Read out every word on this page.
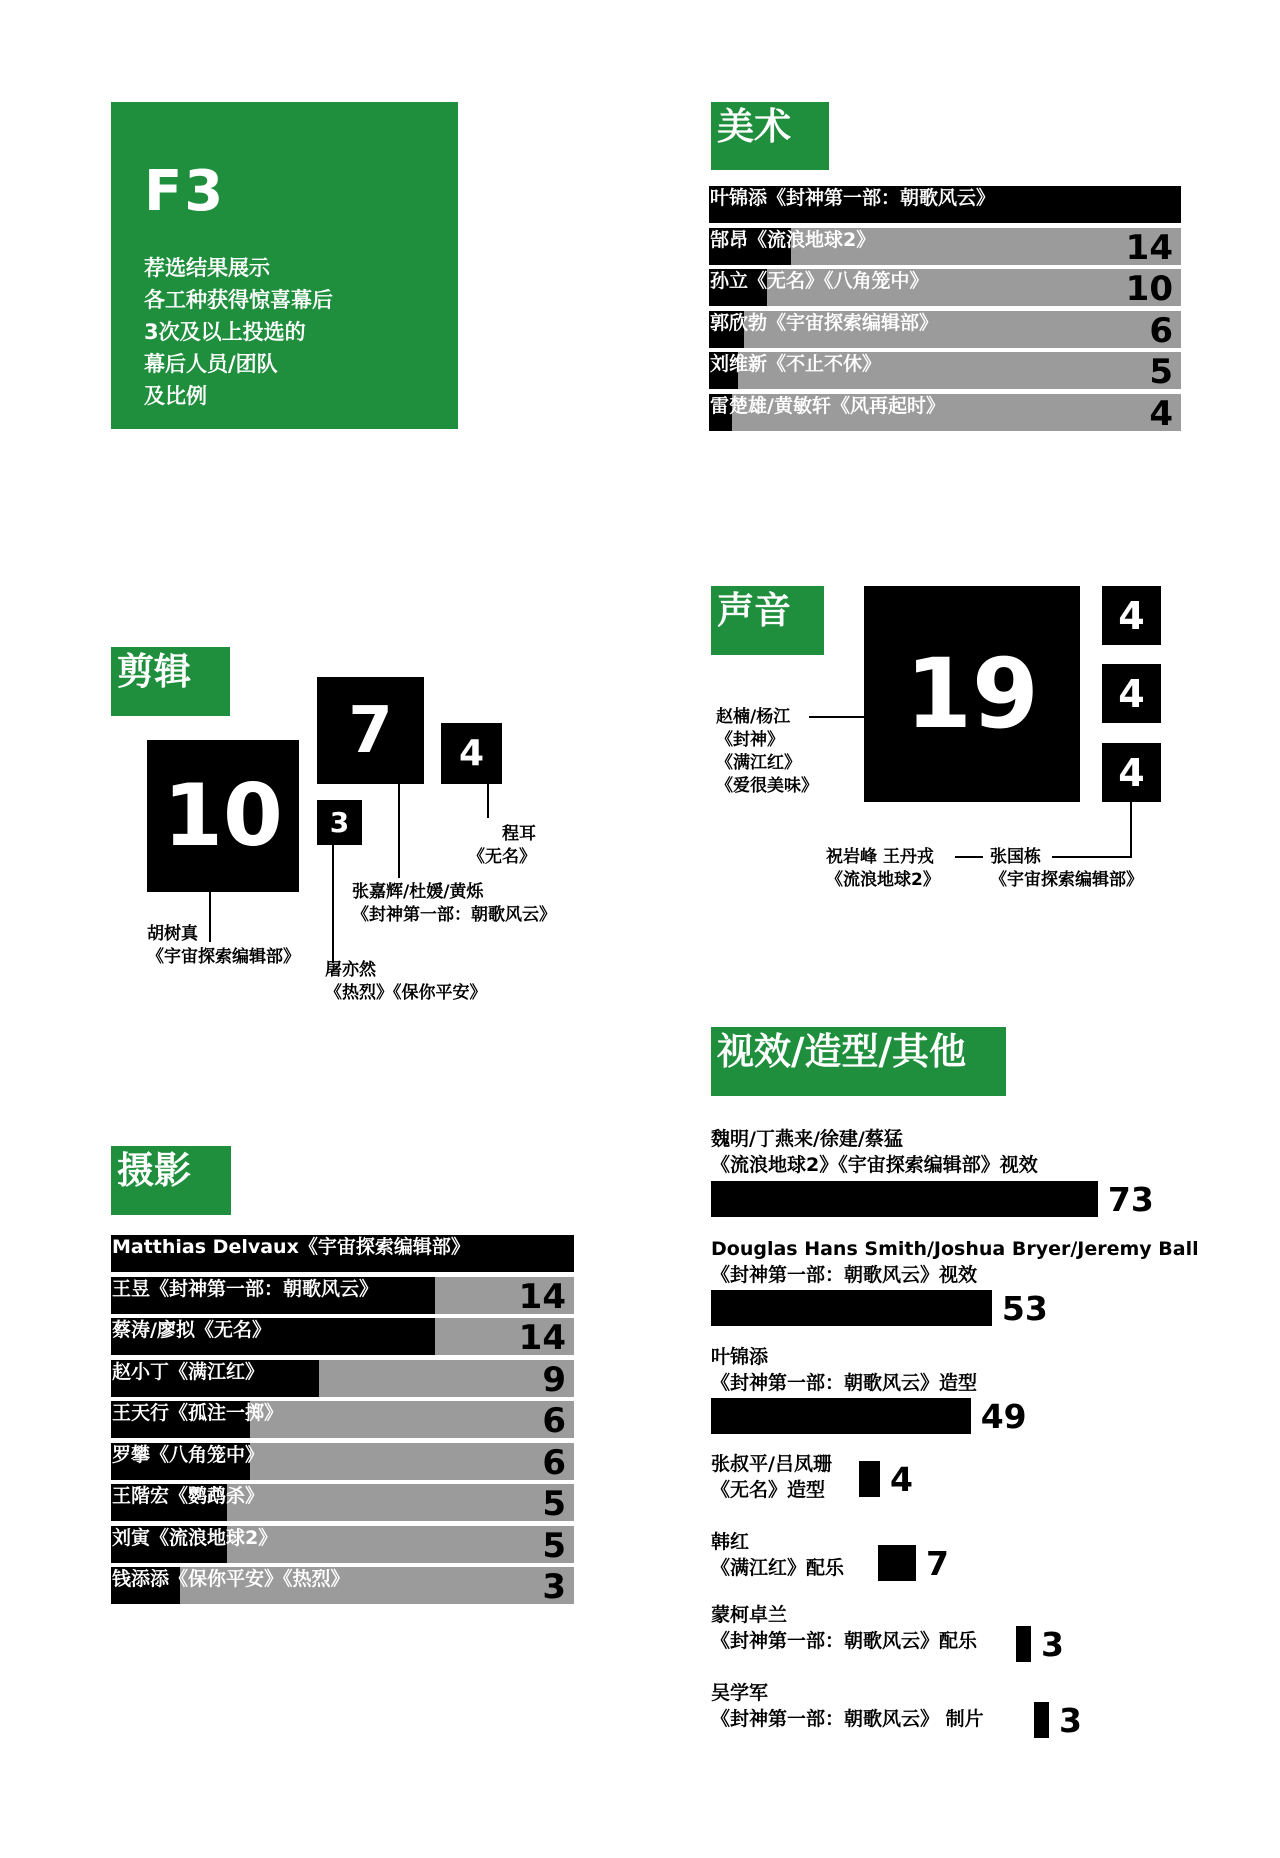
F3
荐选结果展示
各工种获得惊喜幕后
3次及以上投选的
幕后人员/团队
及比例
美术
叶锦添《封神第一部：朝歌风云》	81
郜昂《流浪地球2》	14
孙立《无名》《八角笼中》	10
郭欣勃《宇宙探索编辑部》	6
刘维新《不止不休》	5
雷楚雄/黄敏轩《风再起时》	4
剪辑
10
7	4
3
胡树真
《宇宙探索编辑部》
屠亦然
《热烈》《保你平安》
张嘉辉/杜媛/黄烁
《封神第一部：朝歌风云》
程耳
《无名》
声音
19
4
4
4
赵楠/杨江
《封神》
《满江红》
《爱很美味》
祝岩峰 王丹戎
《流浪地球2》
张国栋
《宇宙探索编辑部》
摄影
Matthias Delvaux《宇宙探索编辑部》 20
王昱《封神第一部：朝歌风云》	14
蔡涛/廖拟《无名》	14
赵小丁《满江红》	9
王天行《孤注一掷》	6
罗攀《八角笼中》	6
王階宏《鹦鹉杀》	5
刘寅《流浪地球2》	5
钱添添《保你平安》《热烈》	3
视效/造型/其他
魏明/丁燕来/徐建/蔡猛
《流浪地球2》《宇宙探索编辑部》视效
73
Douglas Hans Smith/Joshua Bryer/Jeremy Ball
《封神第一部：朝歌风云》视效
53
叶锦添
《封神第一部：朝歌风云》造型
49
张叔平/吕凤珊
《无名》造型 4
韩红
《满江红》配乐 7
蒙柯卓兰
《封神第一部：朝歌风云》配乐 3
吴学军
《封神第一部：朝歌风云》 制片 3
